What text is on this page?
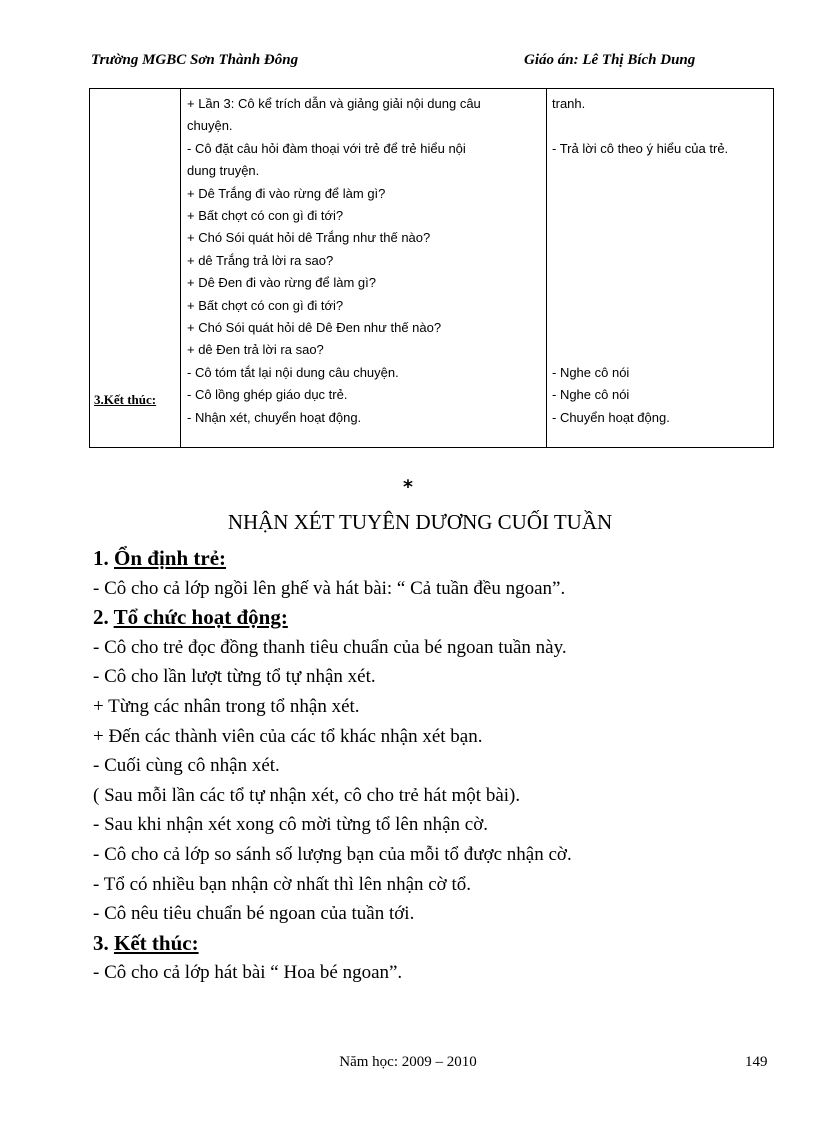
Trường MGBC Sơn Thành Đông	Giáo án: Lê Thị Bích Dung
3.Kết thúc:

+ Lần 3: Cô kể trích dẫn và giảng giải nội dung câu

chuyện.

- Cô đặt câu hỏi đàm thoại với trẻ để trẻ hiểu nội

dung truyện.

+ Dê Trắng đi vào rừng để làm gì?

+ Bất chợt có con gì đi tới?

+ Chó Sói quát hỏi dê Trắng như thế nào?

+ dê Trắng trả lời ra sao?

+ Dê Đen đi vào rừng để làm gì?

+ Bất chợt có con gì đi tới?

+ Chó Sói quát hỏi dê Dê Đen như thế nào?

+ dê Đen trả lời ra sao?

- Cô tóm tắt lại nội dung câu chuyện.

- Cô lồng ghép giáo dục trẻ.

- Nhận xét, chuyển hoạt động.

tranh.

- Trả lời cô theo ý hiểu của trẻ.

- Nghe cô nói

- Nghe cô nói

- Chuyển hoạt động.

*
NHẬN XÉT TUYÊN DƯƠNG CUỐI TUẦN

1. Ổn định trẻ:

- Cô cho cả lớp ngồi lên ghế và hát bài: “ Cả tuần đều ngoan”.

2. Tổ chức hoạt động:

- Cô cho trẻ đọc đồng thanh tiêu chuẩn của bé ngoan tuần này.

- Cô cho lần lượt từng tổ tự nhận xét.

+ Từng các nhân trong tổ nhận xét.

+ Đến các thành viên của các tổ khác nhận xét bạn.

- Cuối cùng cô nhận xét.

( Sau mỗi lần các tổ tự nhận xét, cô cho trẻ hát một bài).

- Sau khi nhận xét xong cô mời từng tổ lên nhận cờ.

- Cô cho cả lớp so sánh số lượng bạn của mỗi tổ được nhận cờ.

- Tổ có nhiều bạn nhận cờ nhất thì lên nhận cờ tổ.

- Cô nêu tiêu chuẩn bé ngoan của tuần tới.

3. Kết thúc:

- Cô cho cả lớp hát bài “ Hoa bé ngoan”.

Năm học: 2009 – 2010	149
